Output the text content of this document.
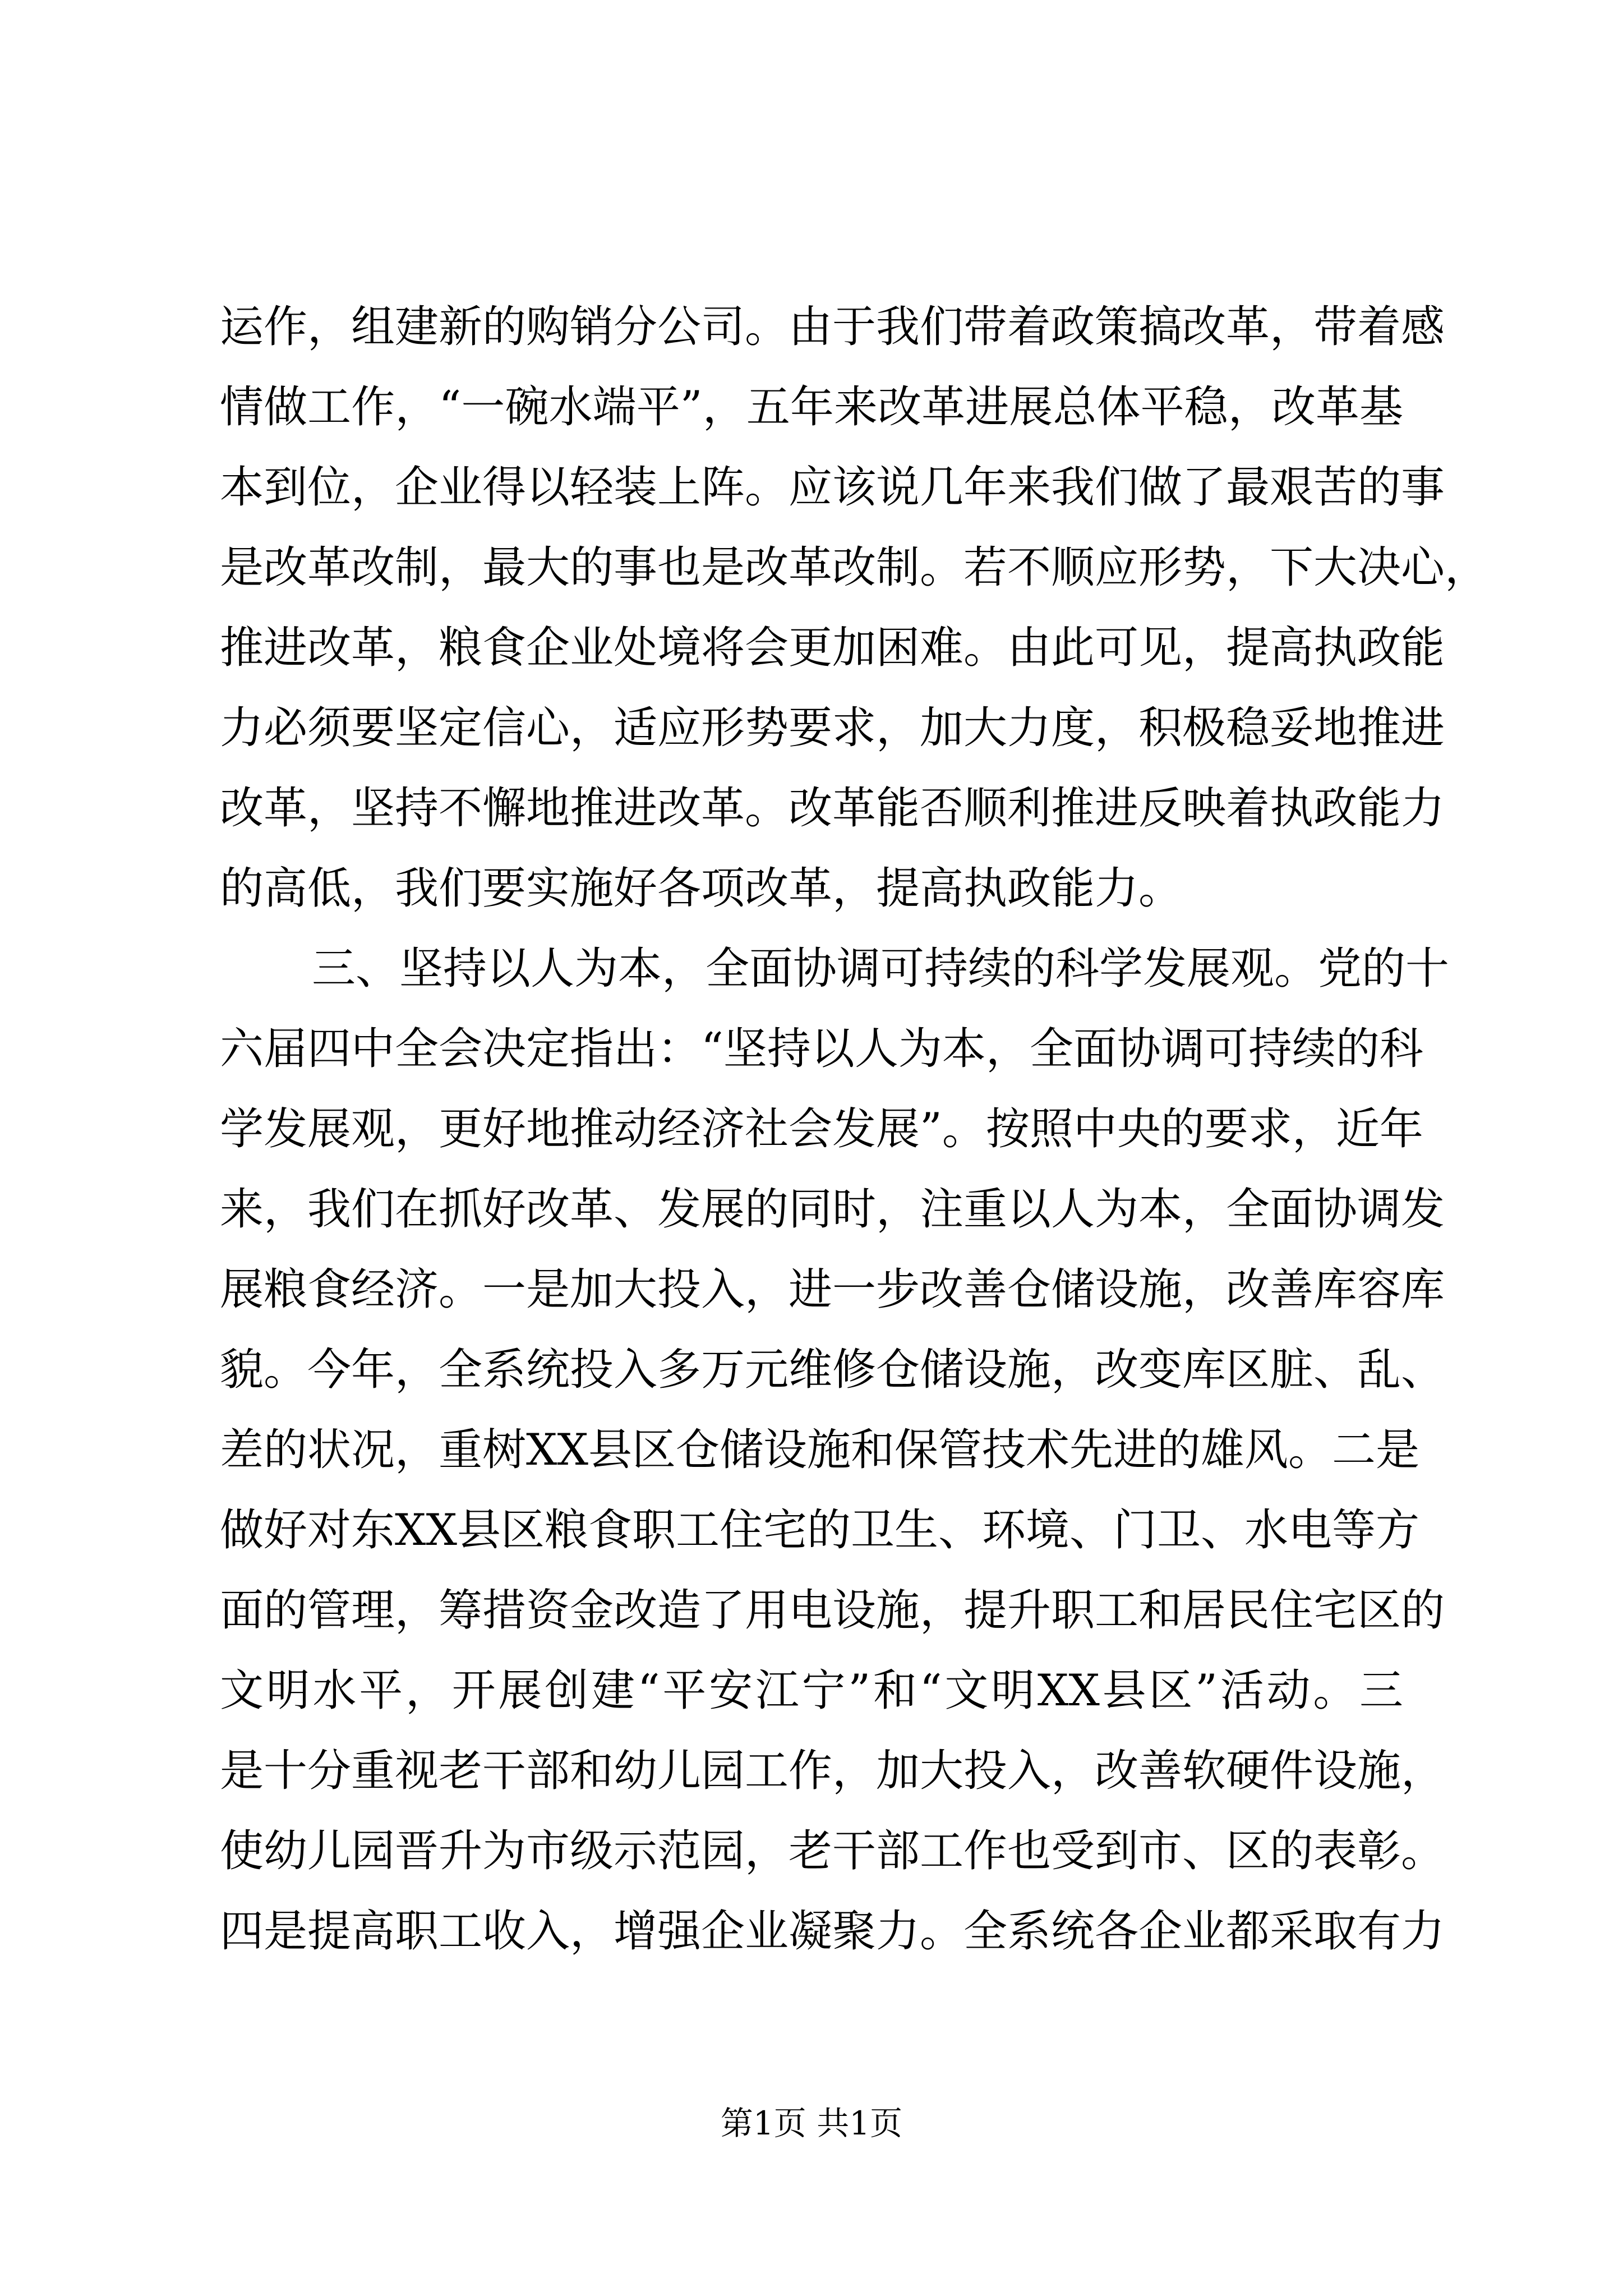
运作，组建新的购销分公司。由于我们带着政策搞改革，带着感
情做工作，“一碗水端平”，五年来改革进展总体平稳，改革基
本到位，企业得以轻装上阵。应该说几年来我们做了最艰苦的事
是改革改制，最大的事也是改革改制。若不顺应形势，下大决心，
推进改革，粮食企业处境将会更加困难。由此可见，提高执政能
力必须要坚定信心，适应形势要求，加大力度，积极稳妥地推进
改革，坚持不懈地推进改革。改革能否顺利推进反映着执政能力
的高低，我们要实施好各项改革，提高执政能力。
三、坚持以人为本，全面协调可持续的科学发展观。党的十
六届四中全会决定指出：“坚持以人为本，全面协调可持续的科
学发展观，更好地推动经济社会发展”。按照中央的要求，近年
来，我们在抓好改革、发展的同时，注重以人为本，全面协调发
展粮食经济。一是加大投入，进一步改善仓储设施，改善库容库
貌。今年，全系统投入多万元维修仓储设施，改变库区脏、乱、
差的状况，重树XX县区仓储设施和保管技术先进的雄风。二是
做好对东XX县区粮食职工住宅的卫生、环境、门卫、水电等方
面的管理，筹措资金改造了用电设施，提升职工和居民住宅区的
文明水平，开展创建“平安江宁”和“文明XX县区”活动。三
是十分重视老干部和幼儿园工作，加大投入，改善软硬件设施，
使幼儿园晋升为市级示范园，老干部工作也受到市、区的表彰。
四是提高职工收入，增强企业凝聚力。全系统各企业都采取有力
第1页 共1页
